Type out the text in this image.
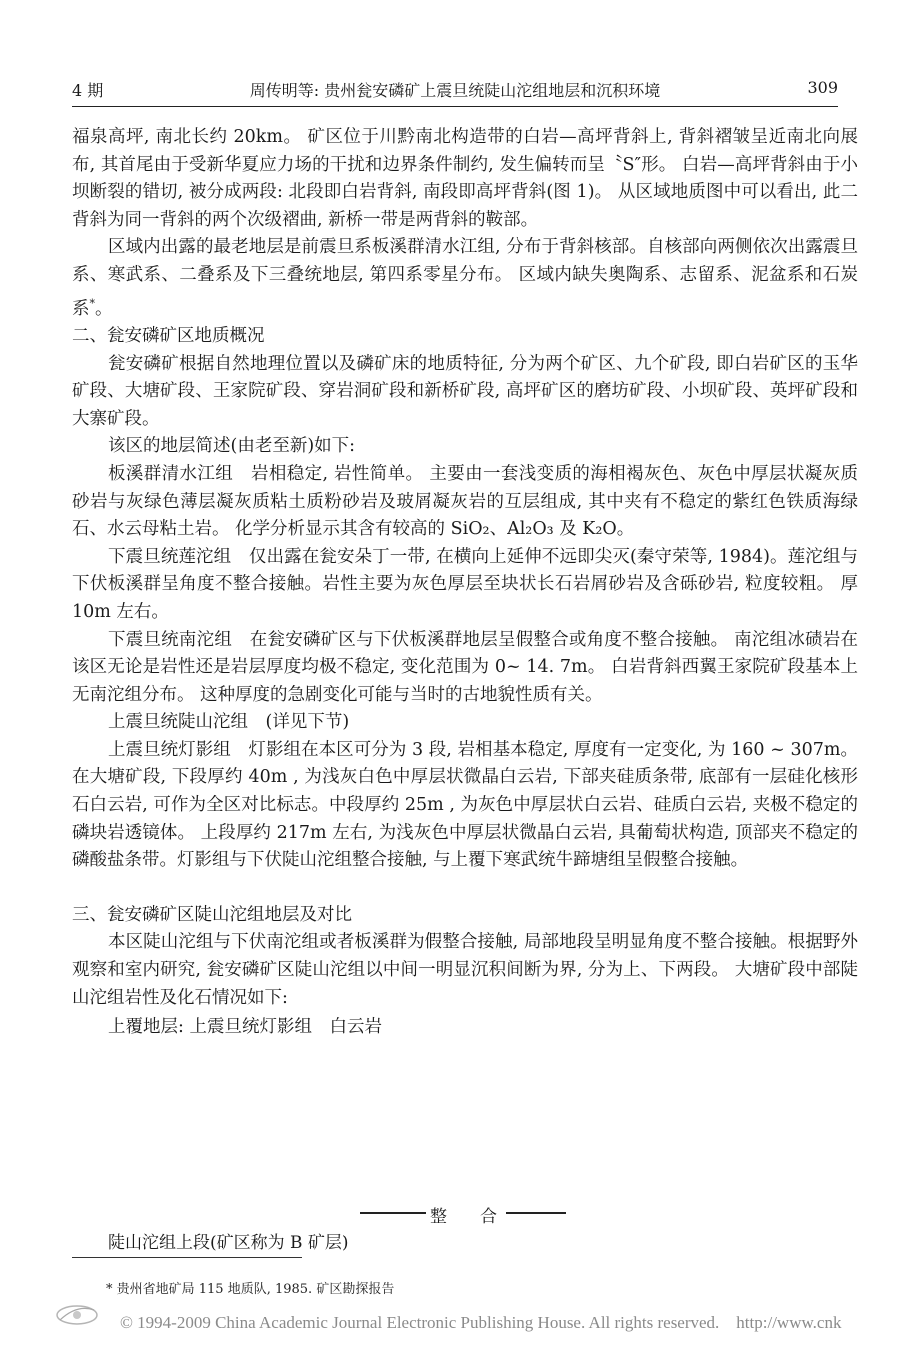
4 期	周传明等: 贵州瓮安磷矿上震旦统陡山沱组地层和沉积环境	309

福泉高坪, 南北长约 20km。 矿区位于川黔南北构造带的白岩—高坪背斜上, 背斜褶皱呈近南北向展布, 其首尾由于受新华夏应力场的干扰和边界条件制约, 发生偏转而呈〝S″形。 白岩—高坪背斜由于小坝断裂的错切, 被分成两段: 北段即白岩背斜, 南段即高坪背斜(图 1)。 从区域地质图中可以看出, 此二背斜为同一背斜的两个次级褶曲, 新桥一带是两背斜的鞍部。

区域内出露的最老地层是前震旦系板溪群清水江组, 分布于背斜核部。自核部向两侧依次出露震旦系、寒武系、二叠系及下三叠统地层, 第四系零星分布。 区域内缺失奥陶系、志留系、泥盆系和石炭系*。

二、瓮安磷矿区地质概况

瓮安磷矿根据自然地理位置以及磷矿床的地质特征, 分为两个矿区、九个矿段, 即白岩矿区的玉华矿段、大塘矿段、王家院矿段、穿岩洞矿段和新桥矿段, 高坪矿区的磨坊矿段、小坝矿段、英坪矿段和大寨矿段。

该区的地层简述(由老至新)如下:

板溪群清水江组　岩相稳定, 岩性简单。 主要由一套浅变质的海相褐灰色、灰色中厚层状凝灰质砂岩与灰绿色薄层凝灰质粘土质粉砂岩及玻屑凝灰岩的互层组成, 其中夹有不稳定的紫红色铁质海绿石、水云母粘土岩。 化学分析显示其含有较高的 SiO₂、Al₂O₃ 及 K₂O。

下震旦统莲沱组　仅出露在瓮安朵丁一带, 在横向上延伸不远即尖灭(秦守荣等, 1984)。莲沱组与下伏板溪群呈角度不整合接触。岩性主要为灰色厚层至块状长石岩屑砂岩及含砾砂岩, 粒度较粗。 厚 10m 左右。

下震旦统南沱组　在瓮安磷矿区与下伏板溪群地层呈假整合或角度不整合接触。 南沱组冰碛岩在该区无论是岩性还是岩层厚度均极不稳定, 变化范围为 0~ 14. 7m。 白岩背斜西翼王家院矿段基本上无南沱组分布。 这种厚度的急剧变化可能与当时的古地貌性质有关。

上震旦统陡山沱组　(详见下节)

上震旦统灯影组　灯影组在本区可分为 3 段, 岩相基本稳定, 厚度有一定变化, 为 160 ~ 307m。在大塘矿段, 下段厚约 40m , 为浅灰白色中厚层状微晶白云岩, 下部夹硅质条带, 底部有一层硅化核形石白云岩, 可作为全区对比标志。中段厚约 25m , 为灰色中厚层状白云岩、硅质白云岩, 夹极不稳定的磷块岩透镜体。 上段厚约 217m 左右, 为浅灰色中厚层状微晶白云岩, 具葡萄状构造, 顶部夹不稳定的磷酸盐条带。灯影组与下伏陡山沱组整合接触, 与上覆下寒武统牛蹄塘组呈假整合接触。

三、瓮安磷矿区陡山沱组地层及对比

本区陡山沱组与下伏南沱组或者板溪群为假整合接触, 局部地段呈明显角度不整合接触。根据野外观察和室内研究, 瓮安磷矿区陡山沱组以中间一明显沉积间断为界, 分为上、下两段。 大塘矿段中部陡山沱组岩性及化石情况如下:

上覆地层: 上震旦统灯影组　白云岩

整 合
陡山沱组上段(矿区称为 B 矿层)
* 贵州省地矿局 115 地质队, 1985. 矿区勘探报告
© 1994-2009 China Academic Journal Electronic Publishing House. All rights reserved.　http://www.cnk
